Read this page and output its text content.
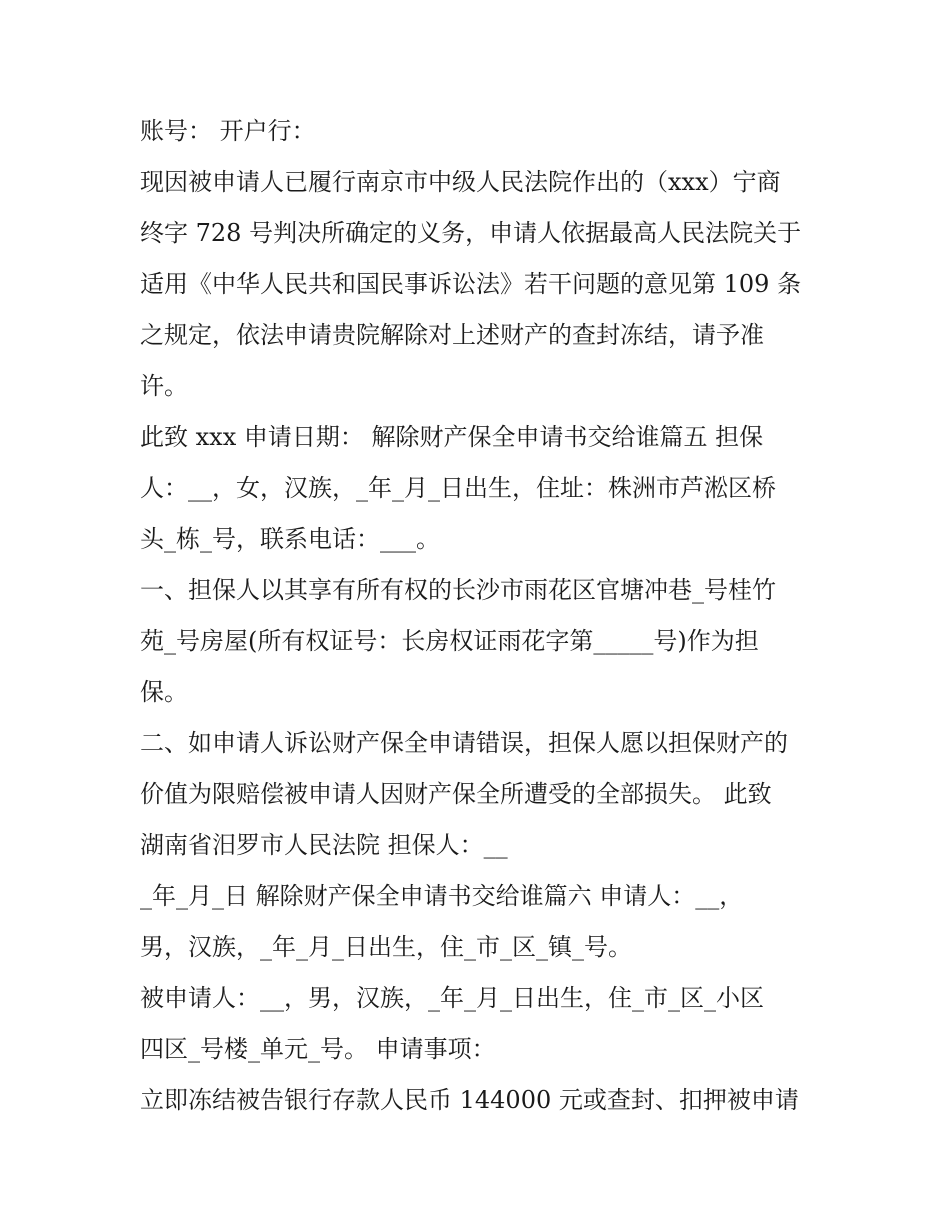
账号： 开户行：
现因被申请人已履行南京市中级人民法院作出的（xxx）宁商
终字 728 号判决所确定的义务，申请人依据最高人民法院关于
适用《中华人民共和国民事诉讼法》若干问题的意见第 109 条
之规定，依法申请贵院解除对上述财产的查封冻结，请予准
许。
此致 xxx 申请日期： 解除财产保全申请书交给谁篇五 担保
人：__，女，汉族，_年_月_日出生，住址：株洲市芦淞区桥
头_栋_号，联系电话：___。
一、担保人以其享有所有权的长沙市雨花区官塘冲巷_号桂竹
苑_号房屋(所有权证号：长房权证雨花字第_____号)作为担
保。
二、如申请人诉讼财产保全申请错误，担保人愿以担保财产的
价值为限赔偿被申请人因财产保全所遭受的全部损失。 此致
湖南省汨罗市人民法院 担保人：__
_年_月_日 解除财产保全申请书交给谁篇六 申请人：__，
男，汉族，_年_月_日出生，住_市_区_镇_号。
被申请人：__，男，汉族，_年_月_日出生，住_市_区_小区
四区_号楼_单元_号。 申请事项：
立即冻结被告银行存款人民币 144000 元或查封、扣押被申请
